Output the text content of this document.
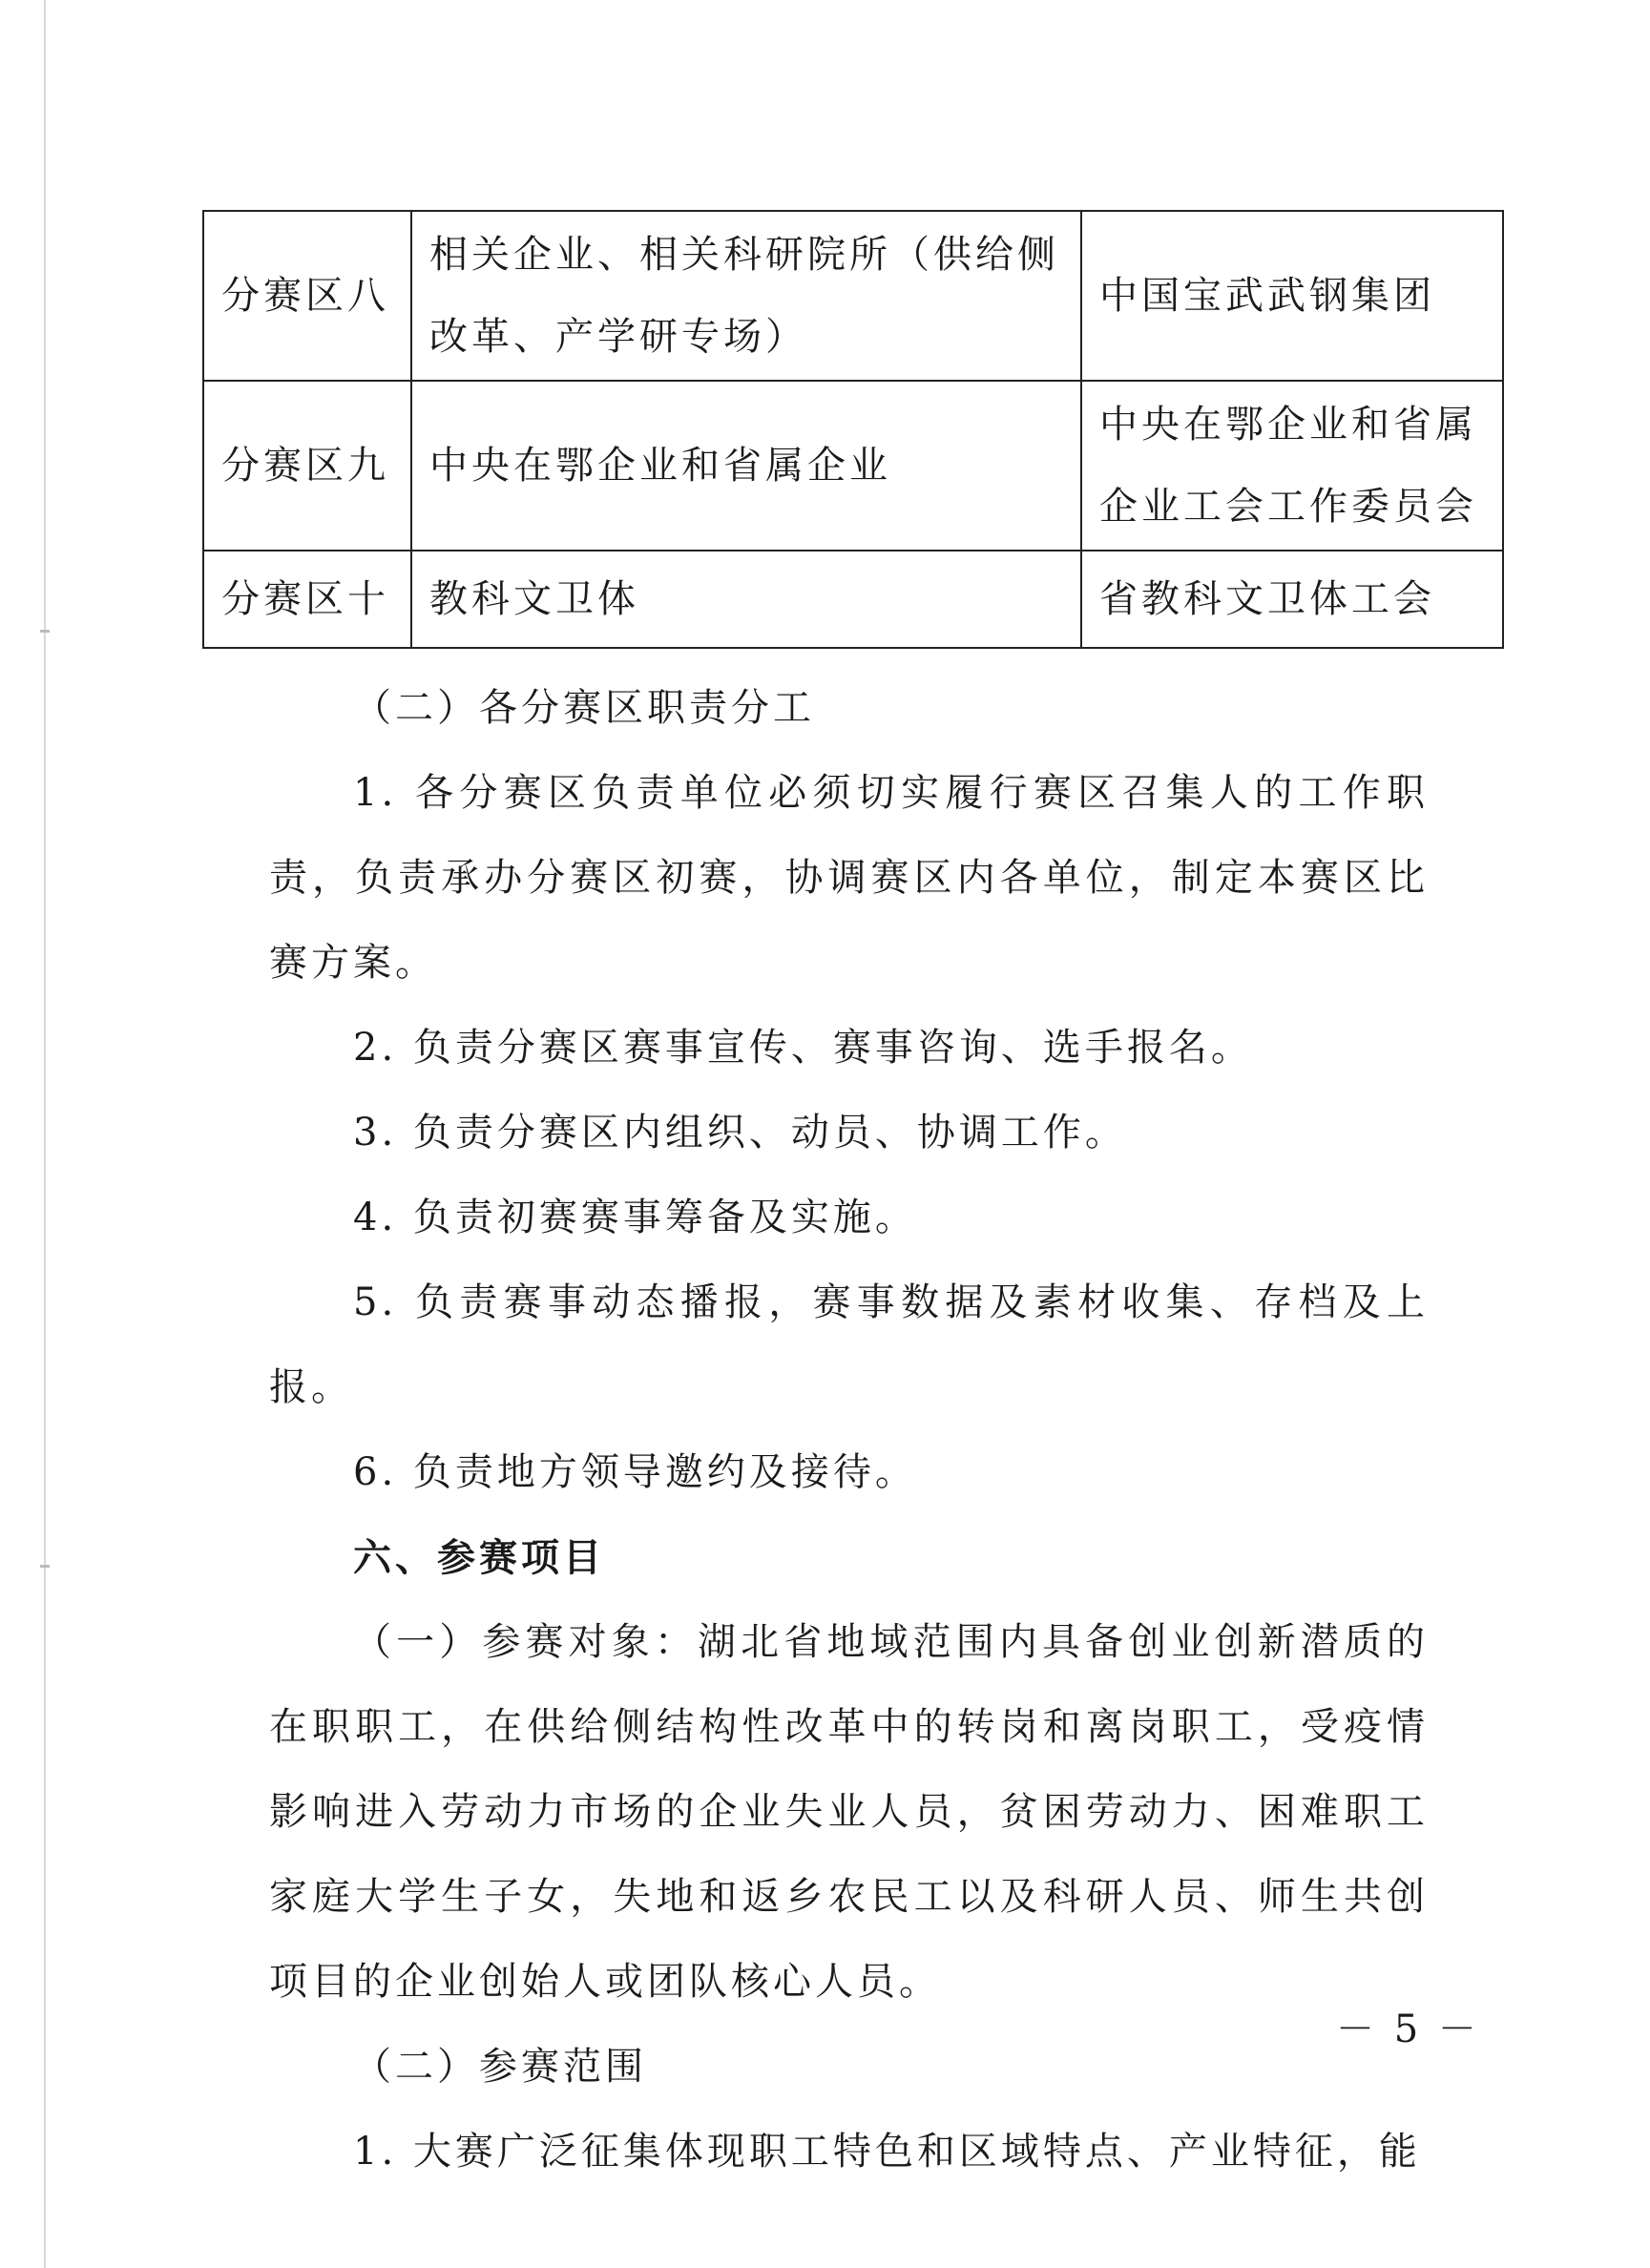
分赛区八	相关企业、相关科研院所（供给侧改革、产学研专场）	中国宝武武钢集团
分赛区九	中央在鄂企业和省属企业	中央在鄂企业和省属企业工会工作委员会
分赛区十	教科文卫体	省教科文卫体工会

（二）各分赛区职责分工

1. 各分赛区负责单位必须切实履行赛区召集人的工作职责，负责承办分赛区初赛，协调赛区内各单位，制定本赛区比赛方案。

2. 负责分赛区赛事宣传、赛事咨询、选手报名。

3. 负责分赛区内组织、动员、协调工作。

4. 负责初赛赛事筹备及实施。

5. 负责赛事动态播报，赛事数据及素材收集、存档及上报。

6. 负责地方领导邀约及接待。

六、参赛项目

（一）参赛对象：湖北省地域范围内具备创业创新潜质的在职职工，在供给侧结构性改革中的转岗和离岗职工，受疫情影响进入劳动力市场的企业失业人员，贫困劳动力、困难职工家庭大学生子女，失地和返乡农民工以及科研人员、师生共创项目的企业创始人或团队核心人员。

（二）参赛范围

1. 大赛广泛征集体现职工特色和区域特点、产业特征，能

－ 5 －
